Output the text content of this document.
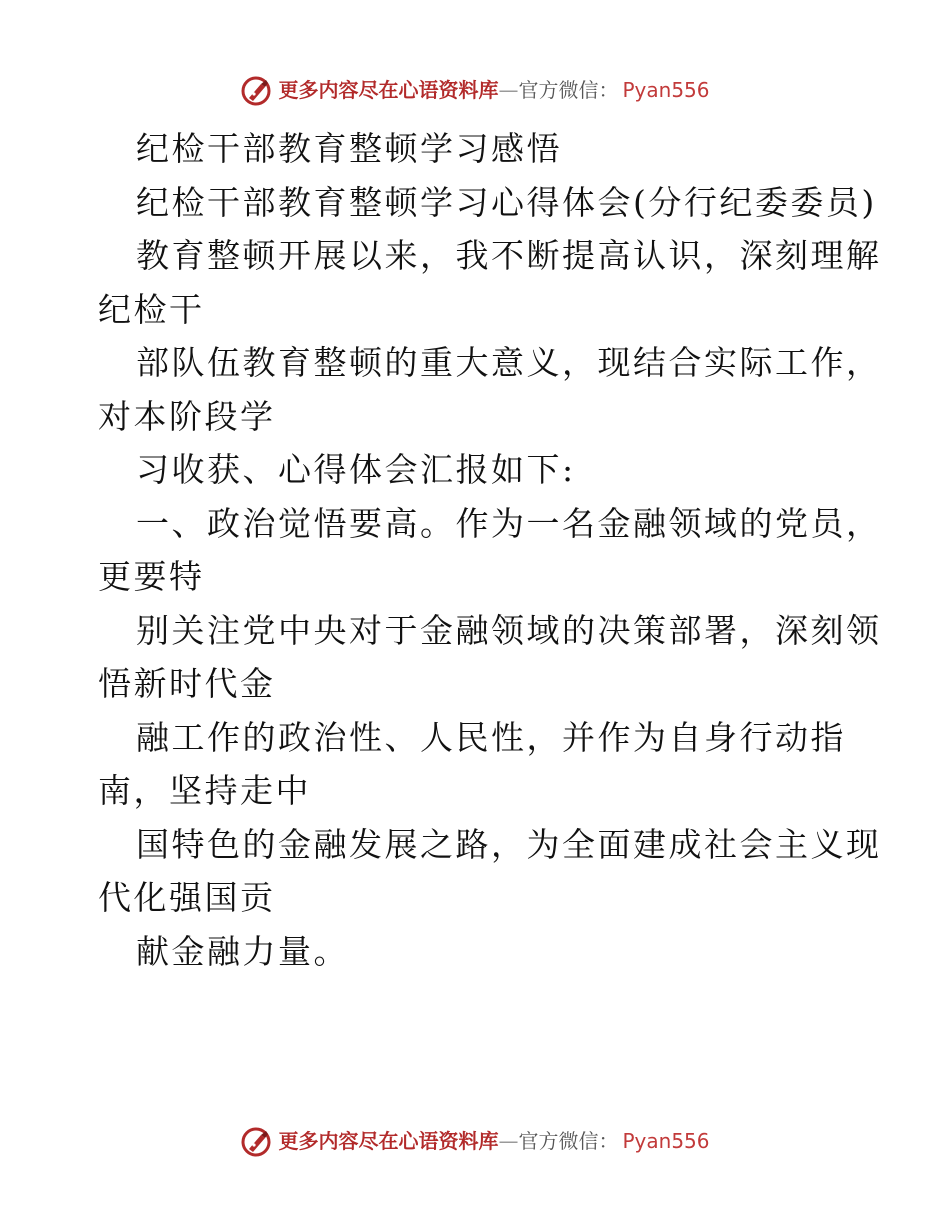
更多内容尽在心语资料库 — 官方微信： Pyan556
纪检干部教育整顿学习感悟
纪检干部教育整顿学习心得体会(分行纪委委员)
教育整顿开展以来，我不断提高认识，深刻理解
纪检干
部队伍教育整顿的重大意义，现结合实际工作，
对本阶段学
习收获、心得体会汇报如下:
一、政治觉悟要高。作为一名金融领域的党员，
更要特
别关注党中央对于金融领域的决策部署，深刻领
悟新时代金
融工作的政治性、人民性，并作为自身行动指
南，坚持走中
国特色的金融发展之路，为全面建成社会主义现
代化强国贡
献金融力量。
更多内容尽在心语资料库 — 官方微信： Pyan556
